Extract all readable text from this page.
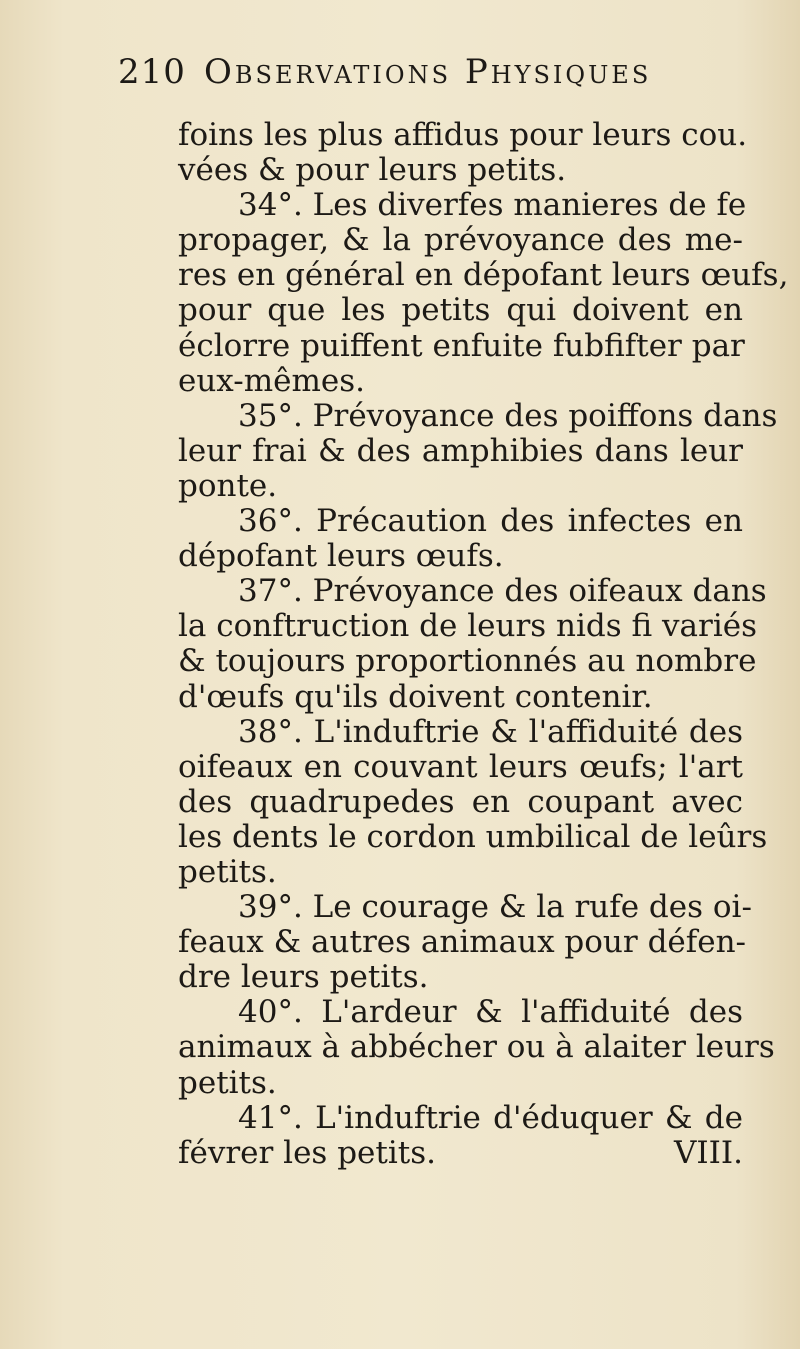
210 Observations Physiques
foins les plus affidus pour leurs cou.
vées & pour leurs petits.
34°. Les diverfes manieres de fe
propager, & la prévoyance des me-
res en général en dépofant leurs œufs,
pour que les petits qui doivent en
éclorre puiffent enfuite fubfifter par
eux-mêmes.
35°. Prévoyance des poiffons dans
leur frai & des amphibies dans leur
ponte.
36°. Précaution des infectes en
dépofant leurs œufs.
37°. Prévoyance des oifeaux dans
la conftruction de leurs nids fi variés
& toujours proportionnés au nombre
d'œufs qu'ils doivent contenir.
38°. L'induftrie & l'affiduité des
oifeaux en couvant leurs œufs; l'art
des quadrupedes en coupant avec
les dents le cordon umbilical de leûrs
petits.
39°. Le courage & la rufe des oi-
feaux & autres animaux pour défen-
dre leurs petits.
40°. L'ardeur & l'affiduité des
animaux à abbécher ou à alaiter leurs
petits.
41°. L'induftrie d'éduquer & de
févrer les petits.	VIII.
